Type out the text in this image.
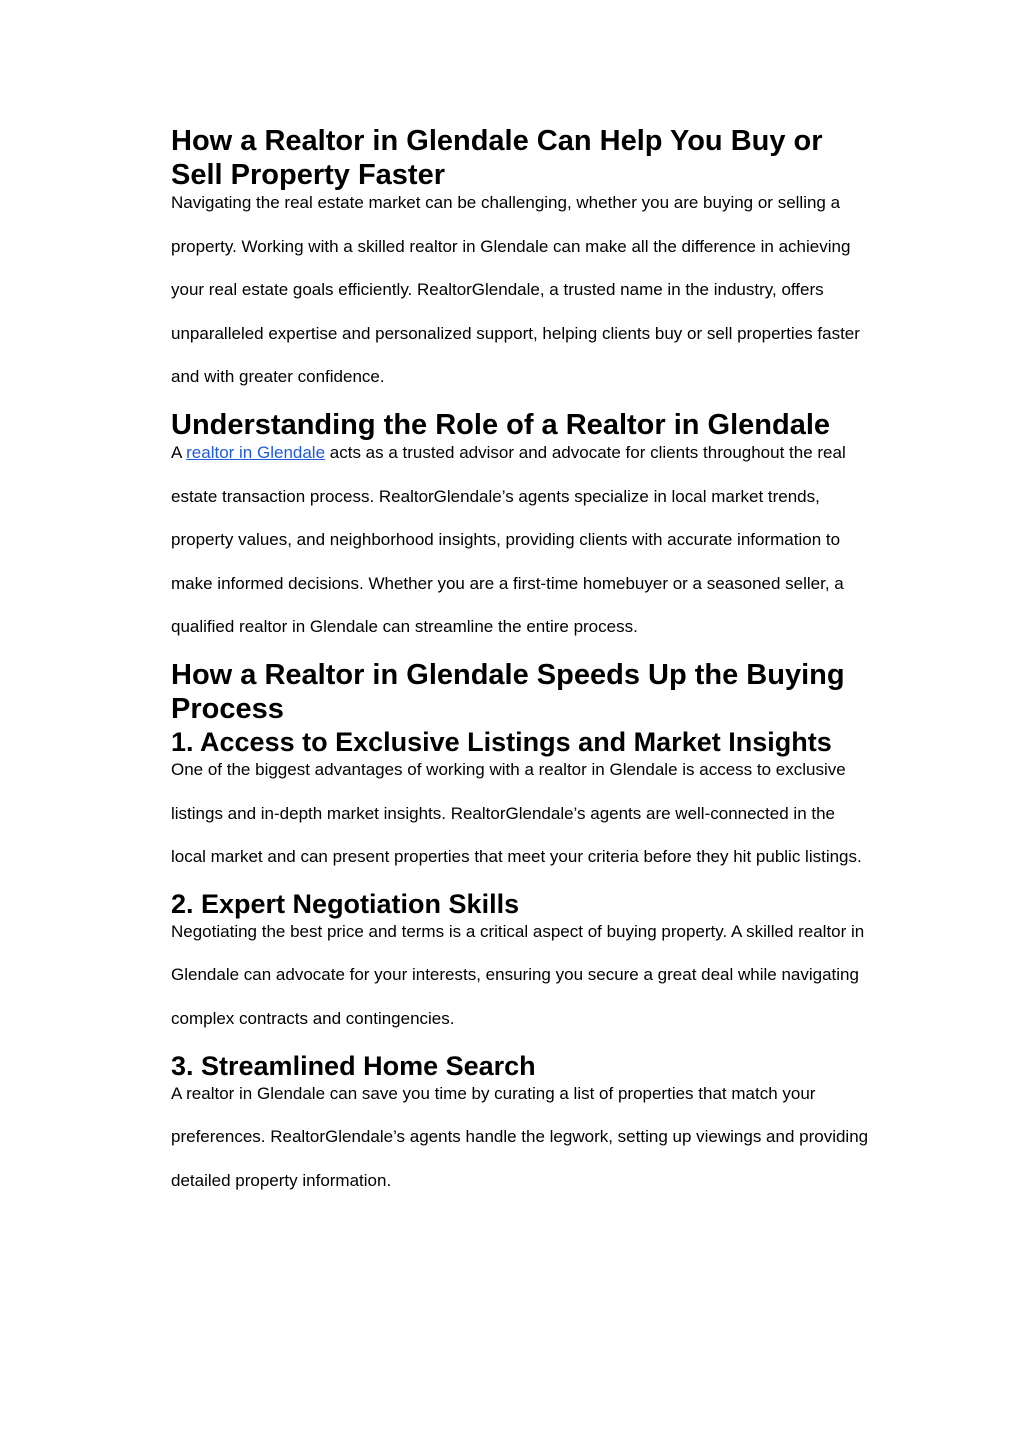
How a Realtor in Glendale Can Help You Buy or Sell Property Faster

Navigating the real estate market can be challenging, whether you are buying or selling a property. Working with a skilled realtor in Glendale can make all the difference in achieving your real estate goals efficiently. RealtorGlendale, a trusted name in the industry, offers unparalleled expertise and personalized support, helping clients buy or sell properties faster and with greater confidence.

Understanding the Role of a Realtor in Glendale

A realtor in Glendale acts as a trusted advisor and advocate for clients throughout the real estate transaction process. RealtorGlendale’s agents specialize in local market trends, property values, and neighborhood insights, providing clients with accurate information to make informed decisions. Whether you are a first-time homebuyer or a seasoned seller, a qualified realtor in Glendale can streamline the entire process.

How a Realtor in Glendale Speeds Up the Buying Process
1. Access to Exclusive Listings and Market Insights

One of the biggest advantages of working with a realtor in Glendale is access to exclusive listings and in-depth market insights. RealtorGlendale’s agents are well-connected in the local market and can present properties that meet your criteria before they hit public listings.

2. Expert Negotiation Skills

Negotiating the best price and terms is a critical aspect of buying property. A skilled realtor in Glendale can advocate for your interests, ensuring you secure a great deal while navigating complex contracts and contingencies.

3. Streamlined Home Search

A realtor in Glendale can save you time by curating a list of properties that match your preferences. RealtorGlendale’s agents handle the legwork, setting up viewings and providing detailed property information.
